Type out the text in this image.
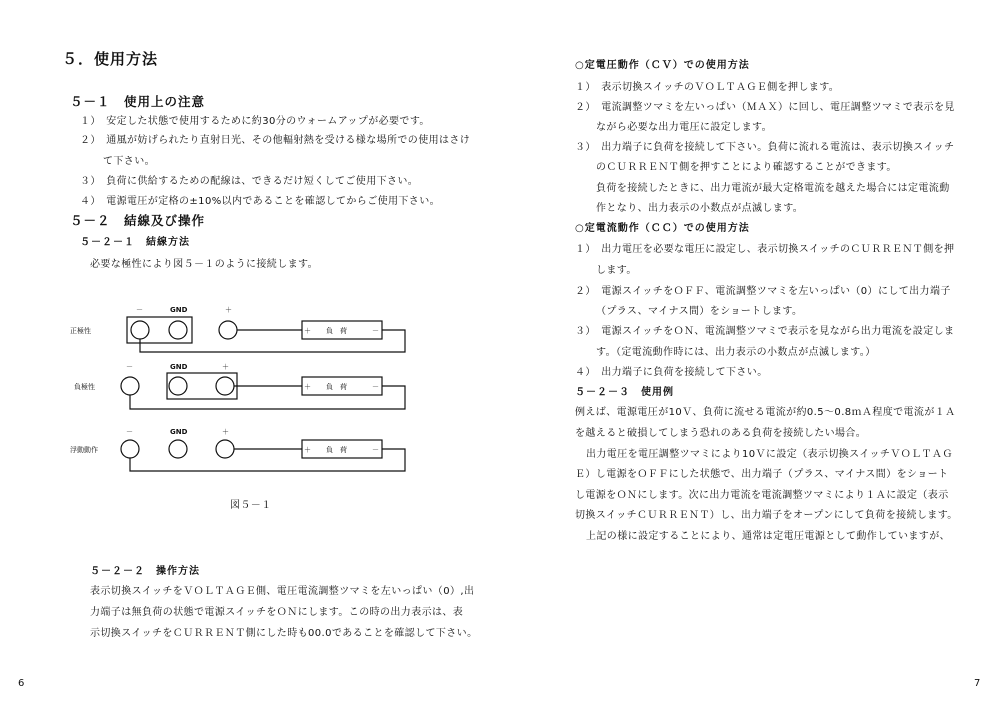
５．使用方法
５－１　使用上の注意
１）　安定した状態で使用するために約30分のウォームアップが必要です。
２）　通風が妨げられたり直射日光、その他輻射熱を受ける様な場所での使用はさけ
て下さい。
３）　負荷に供給するための配線は、できるだけ短くしてご使用下さい。
４）　電源電圧が定格の±10%以内であることを確認してからご使用下さい。
５－２　結線及び操作
５－２－１　結線方法
必要な極性により図５－１のように接続します。
正極性
－	GND	＋
＋ 負　荷	－
負極性
－	GND	＋
＋ 負　荷	－
浮動動作
－	GND	＋
＋ 負　荷	－
図５－１
５－２－２　操作方法
表示切換スイッチをＶＯＬＴＡＧＥ側、電圧電流調整ツマミを左いっぱい（0）,出
力端子は無負荷の状態で電源スイッチをＯＮにします。この時の出力表示は、表
示切換スイッチをＣＵＲＲＥＮＴ側にした時も00.0であることを確認して下さい。
6
○定電圧動作（ＣＶ）での使用方法
１）　表示切換スイッチのＶＯＬＴＡＧＥ側を押します。
２）　電流調整ツマミを左いっぱい（ＭＡＸ）に回し、電圧調整ツマミで表示を見
ながら必要な出力電圧に設定します。
３）　出力端子に負荷を接続して下さい。負荷に流れる電流は、表示切換スイッチ
のＣＵＲＲＥＮＴ側を押すことにより確認することができます。
負荷を接続したときに、出力電流が最大定格電流を越えた場合には定電流動
作となり、出力表示の小数点が点滅します。
○定電流動作（ＣＣ）での使用方法
１）　出力電圧を必要な電圧に設定し、表示切換スイッチのＣＵＲＲＥＮＴ側を押
します。
２）　電源スイッチをＯＦＦ、電流調整ツマミを左いっぱい（0）にして出力端子
（プラス、マイナス間）をショートします。
３）　電源スイッチをＯＮ、電流調整ツマミで表示を見ながら出力電流を設定しま
す。（定電流動作時には、出力表示の小数点が点滅します。）
４）　出力端子に負荷を接続して下さい。
５－２－３　使用例
例えば、電源電圧が10Ｖ、負荷に流せる電流が約0.5～0.8ｍＡ程度で電流が１Ａ
を越えると破損してしまう恐れのある負荷を接続したい場合。
出力電圧を電圧調整ツマミにより10Ｖに設定（表示切換スイッチＶＯＬＴＡＧ
Ｅ）し電源をＯＦＦにした状態で、出力端子（プラス、マイナス間）をショート
し電源をＯＮにします。次に出力電流を電流調整ツマミにより１Ａに設定（表示
切換スイッチＣＵＲＲＥＮＴ）し、出力端子をオープンにして負荷を接続します。
上記の様に設定することにより、通常は定電圧電源として動作していますが、
7
